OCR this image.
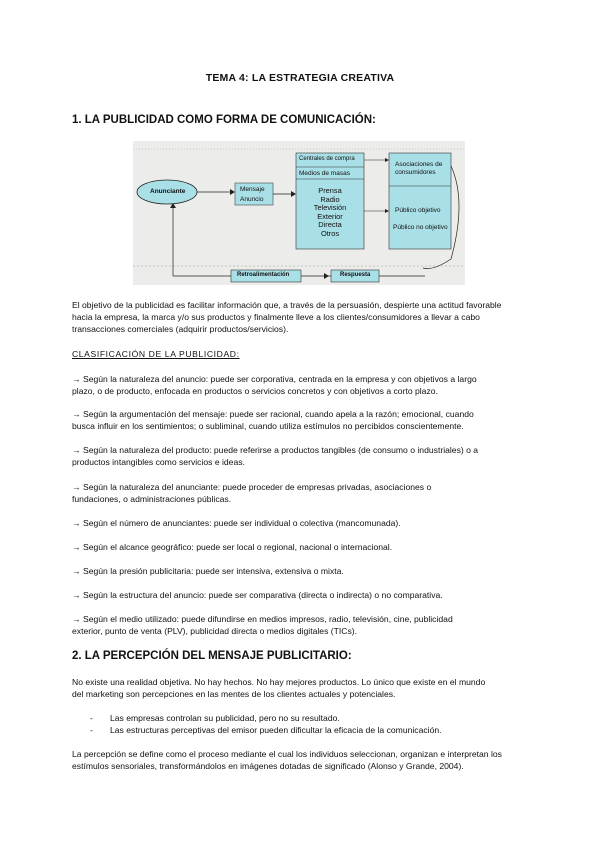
TEMA 4: LA ESTRATEGIA CREATIVA
1. LA PUBLICIDAD COMO FORMA DE COMUNICACIÓN:
Anunciante	Mensaje
Anuncio
Centrales de compra
Medios de masas
Prensa
Radio
Televisión
Exterior
Directa
Otros
Asociaciones de consumidores
Público objetivo
Público no objetivo
Retroalimentación	Respuesta
El objetivo de la publicidad es facilitar información que, a través de la persuasión, despierte una actitud favorable
hacia la empresa, la marca y/o sus productos y finalmente lleve a los clientes/consumidores a llevar a cabo
transacciones comerciales (adquirir productos/servicios).
CLASIFICACIÓN DE LA PUBLICIDAD:
→ Según la naturaleza del anuncio: puede ser corporativa, centrada en la empresa y con objetivos a largo
plazo, o de producto, enfocada en productos o servicios concretos y con objetivos a corto plazo.
→ Según la argumentación del mensaje: puede ser racional, cuando apela a la razón; emocional, cuando
busca influir en los sentimientos; o subliminal, cuando utiliza estímulos no percibidos conscientemente.
→ Según la naturaleza del producto: puede referirse a productos tangibles (de consumo o industriales) o a
productos intangibles como servicios e ideas.
→ Según la naturaleza del anunciante: puede proceder de empresas privadas, asociaciones o
fundaciones, o administraciones públicas.
→ Según el número de anunciantes: puede ser individual o colectiva (mancomunada).
→ Según el alcance geográfico: puede ser local o regional, nacional o internacional.
→ Según la presión publicitaria: puede ser intensiva, extensiva o mixta.
→ Según la estructura del anuncio: puede ser comparativa (directa o indirecta) o no comparativa.
→ Según el medio utilizado: puede difundirse en medios impresos, radio, televisión, cine, publicidad
exterior, punto de venta (PLV), publicidad directa o medios digitales (TICs).
2. LA PERCEPCIÓN DEL MENSAJE PUBLICITARIO:
No existe una realidad objetiva. No hay hechos. No hay mejores productos. Lo único que existe en el mundo
del marketing son percepciones en las mentes de los clientes actuales y potenciales.
- Las empresas controlan su publicidad, pero no su resultado.
- Las estructuras perceptivas del emisor pueden dificultar la eficacia de la comunicación.
La percepción se define como el proceso mediante el cual los individuos seleccionan, organizan e interpretan los
estímulos sensoriales, transformándolos en imágenes dotadas de significado (Alonso y Grande, 2004).
